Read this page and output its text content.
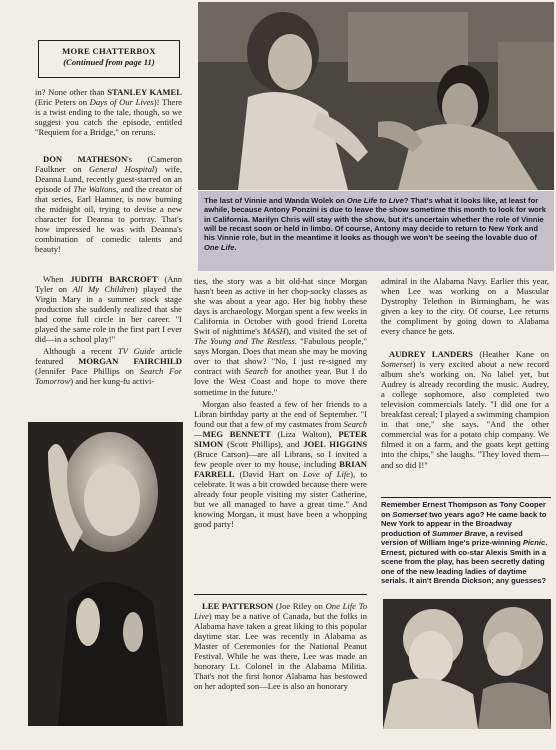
MORE CHATTERBOX
(Continued from page 11)

in? None other than STANLEY KAMEL (Eric Peters on Days of Our Lives)! There is a twist ending to the tale, though, so we suggest you catch the episode, entitled "Requiem for a Bridge," on reruns.

DON MATHESON's (Cameron Faulkner on General Hospital) wife, Deanna Lund, recently guest-starred on an episode of The Waltons, and the creator of that series, Earl Hamner, is now burning the midnight oil, trying to devise a new character for Deanna to portray. That's how impressed he was with Deanna's combination of comedic talents and beauty!

When JUDITH BARCROFT (Ann Tyler on All My Children) played the Virgin Mary in a summer stock stage production she suddenly realized that she had come full circle in her career. "I played the same role in the first part I ever did—in a school play!"

Although a recent TV Guide article featured MORGAN FAIRCHILD (Jennifer Pace Phillips on Search For Tomorrow) and her kung-fu activi-

The last of Vinnie and Wanda Wolek on One Life to Live? That's what it looks like, at least for awhile, because Antony Ponzini is due to leave the show sometime this month to look for work in California. Marilyn Chris will stay with the show, but it's uncertain whether the role of Vinnie will be recast soon or held in limbo. Of course, Antony may decide to return to New York and his Vinnie role, but in the meantime it looks as though we won't be seeing the lovable duo of One Life.

ties, the story was a bit old-hat since Morgan hasn't been as active in her chop-socky classes as she was about a year ago. Her big hobby these days is archaeology. Morgan spent a few weeks in California in October with good friend Loretta Swit of nighttime's MASH), and visited the set of The Young and The Restless. "Fabulous people," says Morgan. Does that mean she may be moving over to that show? "No, I just re-signed my contract with Search for another year. But I do love the West Coast and hope to move there sometime in the future."

Morgan also feasted a few of her friends to a Libran birthday party at the end of September. "I found out that a few of my castmates from Search—MEG BENNETT (Liza Walton), PETER SIMON (Scott Phillips), and JOEL HIGGINS (Bruce Carson)—are all Librans, so I invited a few people over to my house, including BRIAN FARRELL (David Hart on Love of Life), to celebrate. It was a bit crowded because there were already four people visiting my sister Catherine, but we all managed to have a great time." And knowing Morgan, it must have been a whopping good party!

LEE PATTERSON (Joe Riley on One Life To Live) may be a native of Canada, but the folks in Alabama have taken a great liking to this popular daytime star. Lee was recently in Alabama as Master of Ceremonies for the National Peanut Festival. While he was there, Lee was made an honorary Lt. Colonel in the Alabama Militia. That's not the first honor Alabama has bestowed on her adopted son—Lee is also an honorary

admiral in the Alabama Navy. Earlier this year, when Lee was working on a Muscular Dystrophy Telethon in Birmingham, he was given a key to the city. Of course, Lee returns the compliment by going down to Alabama every chance he gets.

AUDREY LANDERS (Heather Kane on Somerset) is very excited about a new record album she's working on. No label yet, but Audrey is already recording the music. Audrey, a college sophomore, also completed two television commercials lately. "I did one for a breakfast cereal; I played a swimming champion in that one," she says. "And the other commercial was for a potato chip company. We filmed it on a farm, and the goats kept getting into the chips," she laughs. "They loved them—and so did I!"

Remember Ernest Thompson as Tony Cooper on Somerset two years ago? He came back to New York to appear in the Broadway production of Summer Brave, a revised version of William Inge's prize-winning Picnic. Ernest, pictured with co-star Alexis Smith in a scene from the play, has been secretly dating one of the new leading ladies of daytime serials. It ain't Brenda Dickson; any guesses?
